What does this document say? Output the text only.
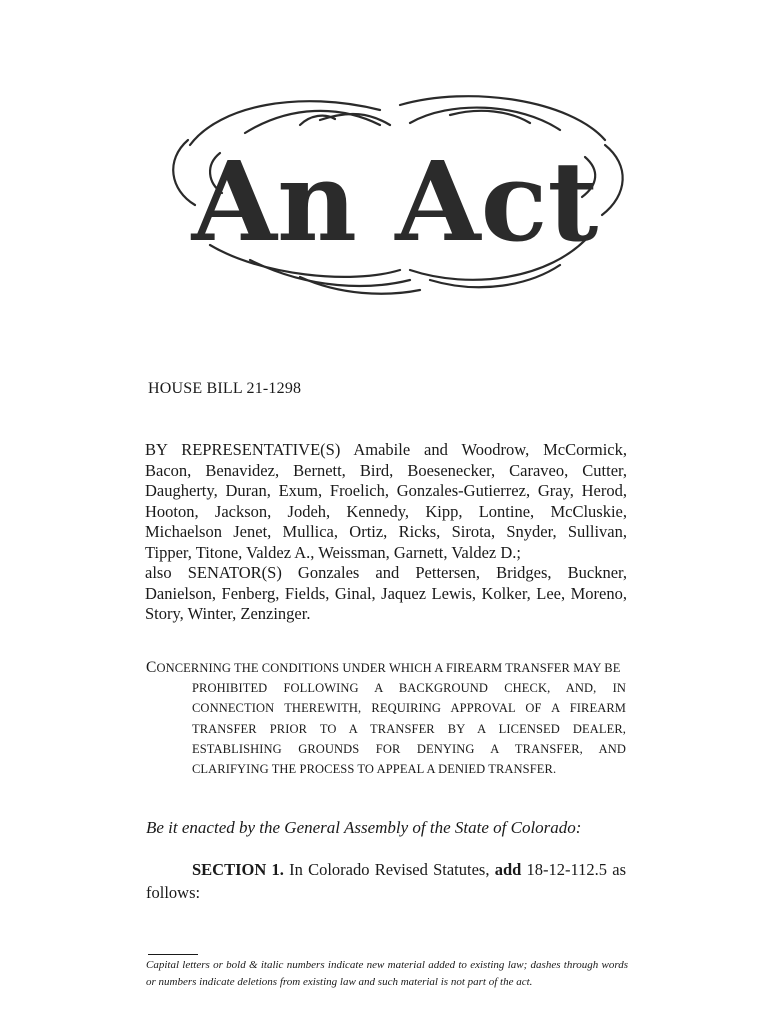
An Act
HOUSE BILL 21-1298

BY REPRESENTATIVE(S) Amabile and Woodrow, McCormick, Bacon, Benavidez, Bernett, Bird, Boesenecker, Caraveo, Cutter, Daugherty, Duran, Exum, Froelich, Gonzales-Gutierrez, Gray, Herod, Hooton, Jackson, Jodeh, Kennedy, Kipp, Lontine, McCluskie, Michaelson Jenet, Mullica, Ortiz, Ricks, Sirota, Snyder, Sullivan, Tipper, Titone, Valdez A., Weissman, Garnett, Valdez D.;

also SENATOR(S) Gonzales and Pettersen, Bridges, Buckner, Danielson, Fenberg, Fields, Ginal, Jaquez Lewis, Kolker, Lee, Moreno, Story, Winter, Zenzinger.

CONCERNING THE CONDITIONS UNDER WHICH A FIREARM TRANSFER MAY BE
PROHIBITED FOLLOWING A BACKGROUND CHECK, AND, IN CONNECTION THEREWITH, REQUIRING APPROVAL OF A FIREARM TRANSFER PRIOR TO A TRANSFER BY A LICENSED DEALER, ESTABLISHING GROUNDS FOR DENYING A TRANSFER, AND CLARIFYING THE PROCESS TO APPEAL A DENIED TRANSFER.
Be it enacted by the General Assembly of the State of Colorado:
SECTION 1. In Colorado Revised Statutes, add 18-12-112.5 as follows:
Capital letters or bold & italic numbers indicate new material added to existing law; dashes through words or numbers indicate deletions from existing law and such material is not part of the act.
